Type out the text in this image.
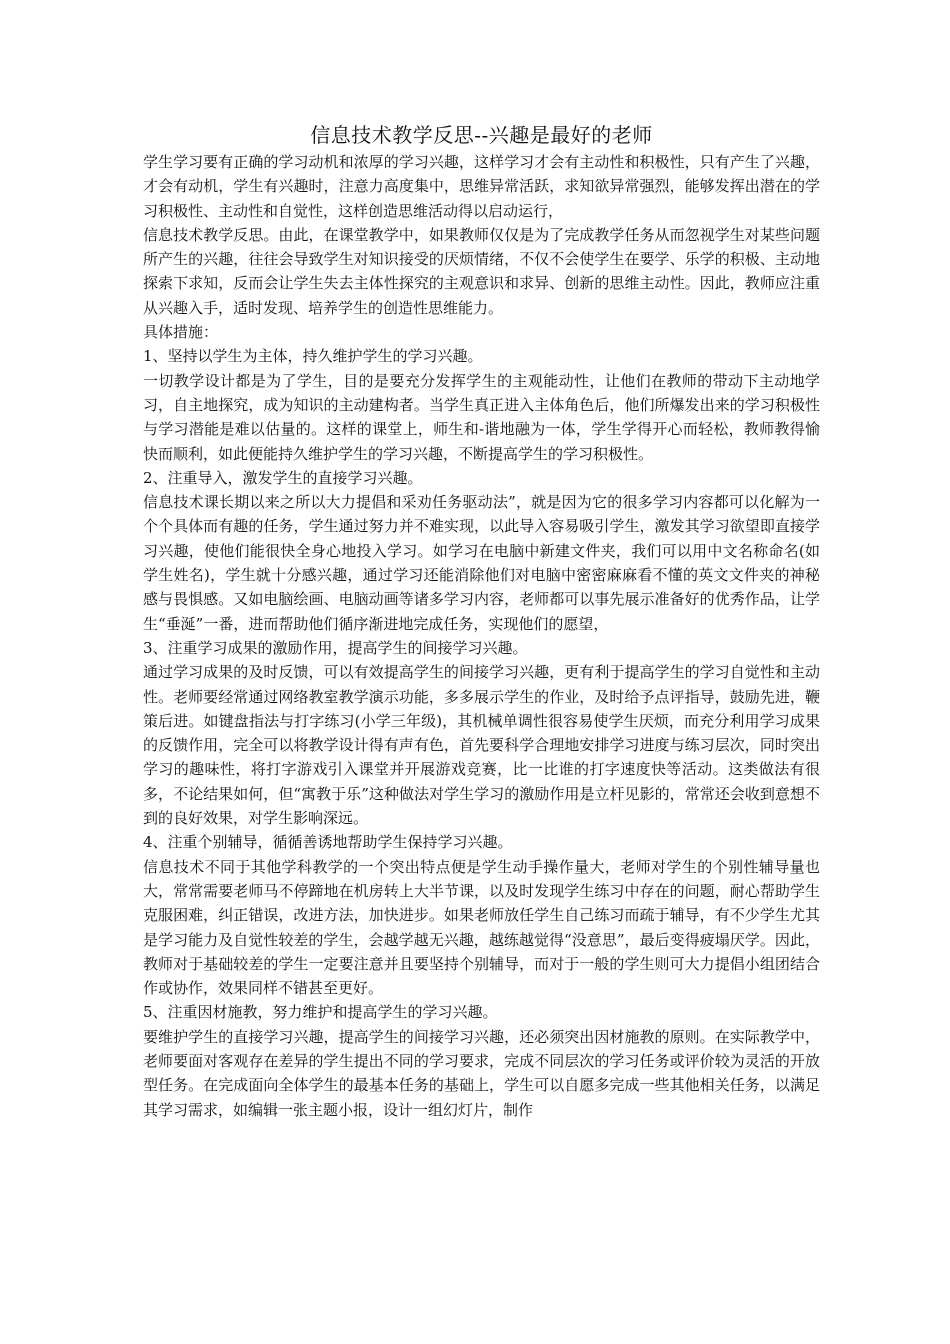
信息技术教学反思--兴趣是最好的老师

学生学习要有正确的学习动机和浓厚的学习兴趣，这样学习才会有主动性和积极性，只有产生了兴趣，才会有动机，学生有兴趣时，注意力高度集中，思维异常活跃，求知欲异常强烈，能够发挥出潜在的学习积极性、主动性和自觉性，这样创造思维活动得以启动运行，

信息技术教学反思。由此，在课堂教学中，如果教师仅仅是为了完成教学任务从而忽视学生对某些问题所产生的兴趣，往往会导致学生对知识接受的厌烦情绪，不仅不会使学生在要学、乐学的积极、主动地探索下求知，反而会让学生失去主体性探究的主观意识和求异、创新的思维主动性。因此，教师应注重从兴趣入手，适时发现、培养学生的创造性思维能力。

具体措施：

1、坚持以学生为主体，持久维护学生的学习兴趣。

一切教学设计都是为了学生，目的是要充分发挥学生的主观能动性，让他们在教师的带动下主动地学习，自主地探究，成为知识的主动建构者。当学生真正进入主体角色后，他们所爆发出来的学习积极性与学习潜能是难以估量的。这样的课堂上，师生和-谐地融为一体，学生学得开心而轻松，教师教得愉快而顺利，如此便能持久维护学生的学习兴趣，不断提高学生的学习积极性。

2、注重导入，激发学生的直接学习兴趣。

信息技术课长期以来之所以大力提倡和采劝任务驱动法”，就是因为它的很多学习内容都可以化解为一个个具体而有趣的任务，学生通过努力并不难实现，以此导入容易吸引学生，激发其学习欲望即直接学习兴趣，使他们能很快全身心地投入学习。如学习在电脑中新建文件夹，我们可以用中文名称命名(如学生姓名)，学生就十分感兴趣，通过学习还能消除他们对电脑中密密麻麻看不懂的英文文件夹的神秘感与畏惧感。又如电脑绘画、电脑动画等诸多学习内容，老师都可以事先展示准备好的优秀作品，让学生“垂涎”一番，进而帮助他们循序渐进地完成任务，实现他们的愿望，

3、注重学习成果的激励作用，提高学生的间接学习兴趣。

通过学习成果的及时反馈，可以有效提高学生的间接学习兴趣，更有利于提高学生的学习自觉性和主动性。老师要经常通过网络教室教学演示功能，多多展示学生的作业，及时给予点评指导，鼓励先进，鞭策后进。如键盘指法与打字练习(小学三年级)，其机械单调性很容易使学生厌烦，而充分利用学习成果的反馈作用，完全可以将教学设计得有声有色，首先要科学合理地安排学习进度与练习层次，同时突出学习的趣味性，将打字游戏引入课堂并开展游戏竞赛，比一比谁的打字速度快等活动。这类做法有很多，不论结果如何，但“寓教于乐”这种做法对学生学习的激励作用是立杆见影的，常常还会收到意想不到的良好效果，对学生影响深远。

4、注重个别辅导，循循善诱地帮助学生保持学习兴趣。

信息技术不同于其他学科教学的一个突出特点便是学生动手操作量大，老师对学生的个别性辅导量也大，常常需要老师马不停蹄地在机房转上大半节课，以及时发现学生练习中存在的问题，耐心帮助学生克服困难，纠正错误，改进方法，加快进步。如果老师放任学生自己练习而疏于辅导，有不少学生尤其是学习能力及自觉性较差的学生，会越学越无兴趣，越练越觉得“没意思”，最后变得疲塌厌学。因此，教师对于基础较差的学生一定要注意并且要坚持个别辅导，而对于一般的学生则可大力提倡小组团结合作或协作，效果同样不错甚至更好。

5、注重因材施教，努力维护和提高学生的学习兴趣。

要维护学生的直接学习兴趣，提高学生的间接学习兴趣，还必须突出因材施教的原则。在实际教学中，老师要面对客观存在差异的学生提出不同的学习要求，完成不同层次的学习任务或评价较为灵活的开放型任务。在完成面向全体学生的最基本任务的基础上，学生可以自愿多完成一些其他相关任务，以满足其学习需求，如编辑一张主题小报，设计一组幻灯片，制作
